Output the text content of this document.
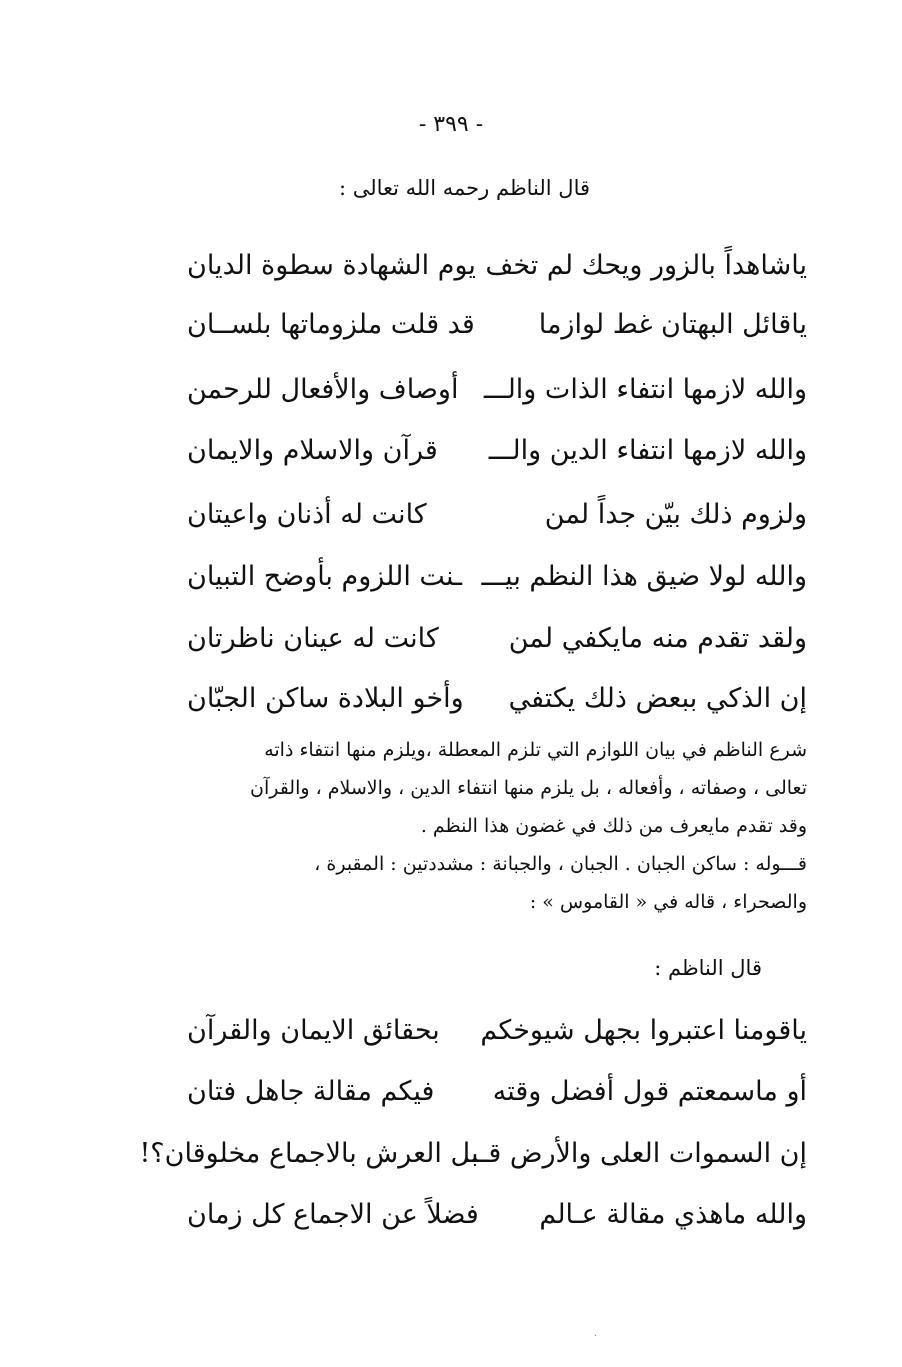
- ٣٩٩ -
قال الناظم رحمه الله تعالى :
ياشاهداً بالزور ويحك لم تخف
يوم الشهادة سطوة الديان
ياقائل البهتان غط لوازما
قد قلت ملزوماتها بلســان
والله لازمها انتفاء الذات والـــ
أوصاف والأفعال للرحمن
والله لازمها انتفاء الدين والـــ
قرآن والاسلام والايمان
ولزوم ذلك بيّن جداً لمن
كانت له أذنان واعيتان
والله لولا ضيق هذا النظم بيـــ
ـنت اللزوم بأوضح التبيان
ولقد تقدم منه مايكفي لمن
كانت له عينان ناظرتان
إن الذكي ببعض ذلك يكتفي
وأخو البلادة ساكن الجبّان
شرع الناظم في بيان اللوازم التي تلزم المعطلة ،ويلزم منها انتفاء ذاته
تعالى ، وصفاته ، وأفعاله ، بل يلزم منها انتفاء الدين ، والاسلام ، والقرآن
وقد تقدم مايعرف من ذلك في غضون هذا النظم .
قـــوله : ساكن الجبان . الجبان ، والجبانة : مشددتين : المقبرة ،
والصحراء ، قاله في « القاموس » :
قال الناظم :
ياقومنا اعتبروا بجهل شيوخكم
بحقائق الايمان والقرآن
أو ماسمعتم قول أفضل وقته
فيكم مقالة جاهل فتان
إن السموات العلى والأرض قـــ
ـبل العرش بالاجماع مخلوقان؟!
والله ماهذي مقالة عـالم
فضلاً عن الاجماع كل زمان
.
